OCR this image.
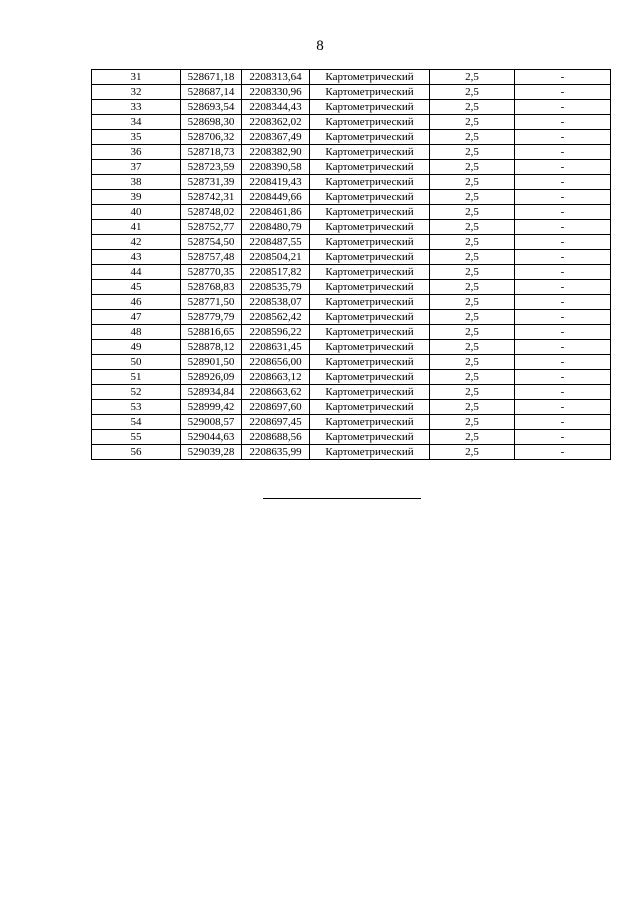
8
31	528671,18	2208313,64	Картометрический	2,5	-
32	528687,14	2208330,96	Картометрический	2,5	-
33	528693,54	2208344,43	Картометрический	2,5	-
34	528698,30	2208362,02	Картометрический	2,5	-
35	528706,32	2208367,49	Картометрический	2,5	-
36	528718,73	2208382,90	Картометрический	2,5	-
37	528723,59	2208390,58	Картометрический	2,5	-
38	528731,39	2208419,43	Картометрический	2,5	-
39	528742,31	2208449,66	Картометрический	2,5	-
40	528748,02	2208461,86	Картометрический	2,5	-
41	528752,77	2208480,79	Картометрический	2,5	-
42	528754,50	2208487,55	Картометрический	2,5	-
43	528757,48	2208504,21	Картометрический	2,5	-
44	528770,35	2208517,82	Картометрический	2,5	-
45	528768,83	2208535,79	Картометрический	2,5	-
46	528771,50	2208538,07	Картометрический	2,5	-
47	528779,79	2208562,42	Картометрический	2,5	-
48	528816,65	2208596,22	Картометрический	2,5	-
49	528878,12	2208631,45	Картометрический	2,5	-
50	528901,50	2208656,00	Картометрический	2,5	-
51	528926,09	2208663,12	Картометрический	2,5	-
52	528934,84	2208663,62	Картометрический	2,5	-
53	528999,42	2208697,60	Картометрический	2,5	-
54	529008,57	2208697,45	Картометрический	2,5	-
55	529044,63	2208688,56	Картометрический	2,5	-
56	529039,28	2208635,99	Картометрический	2,5	-
